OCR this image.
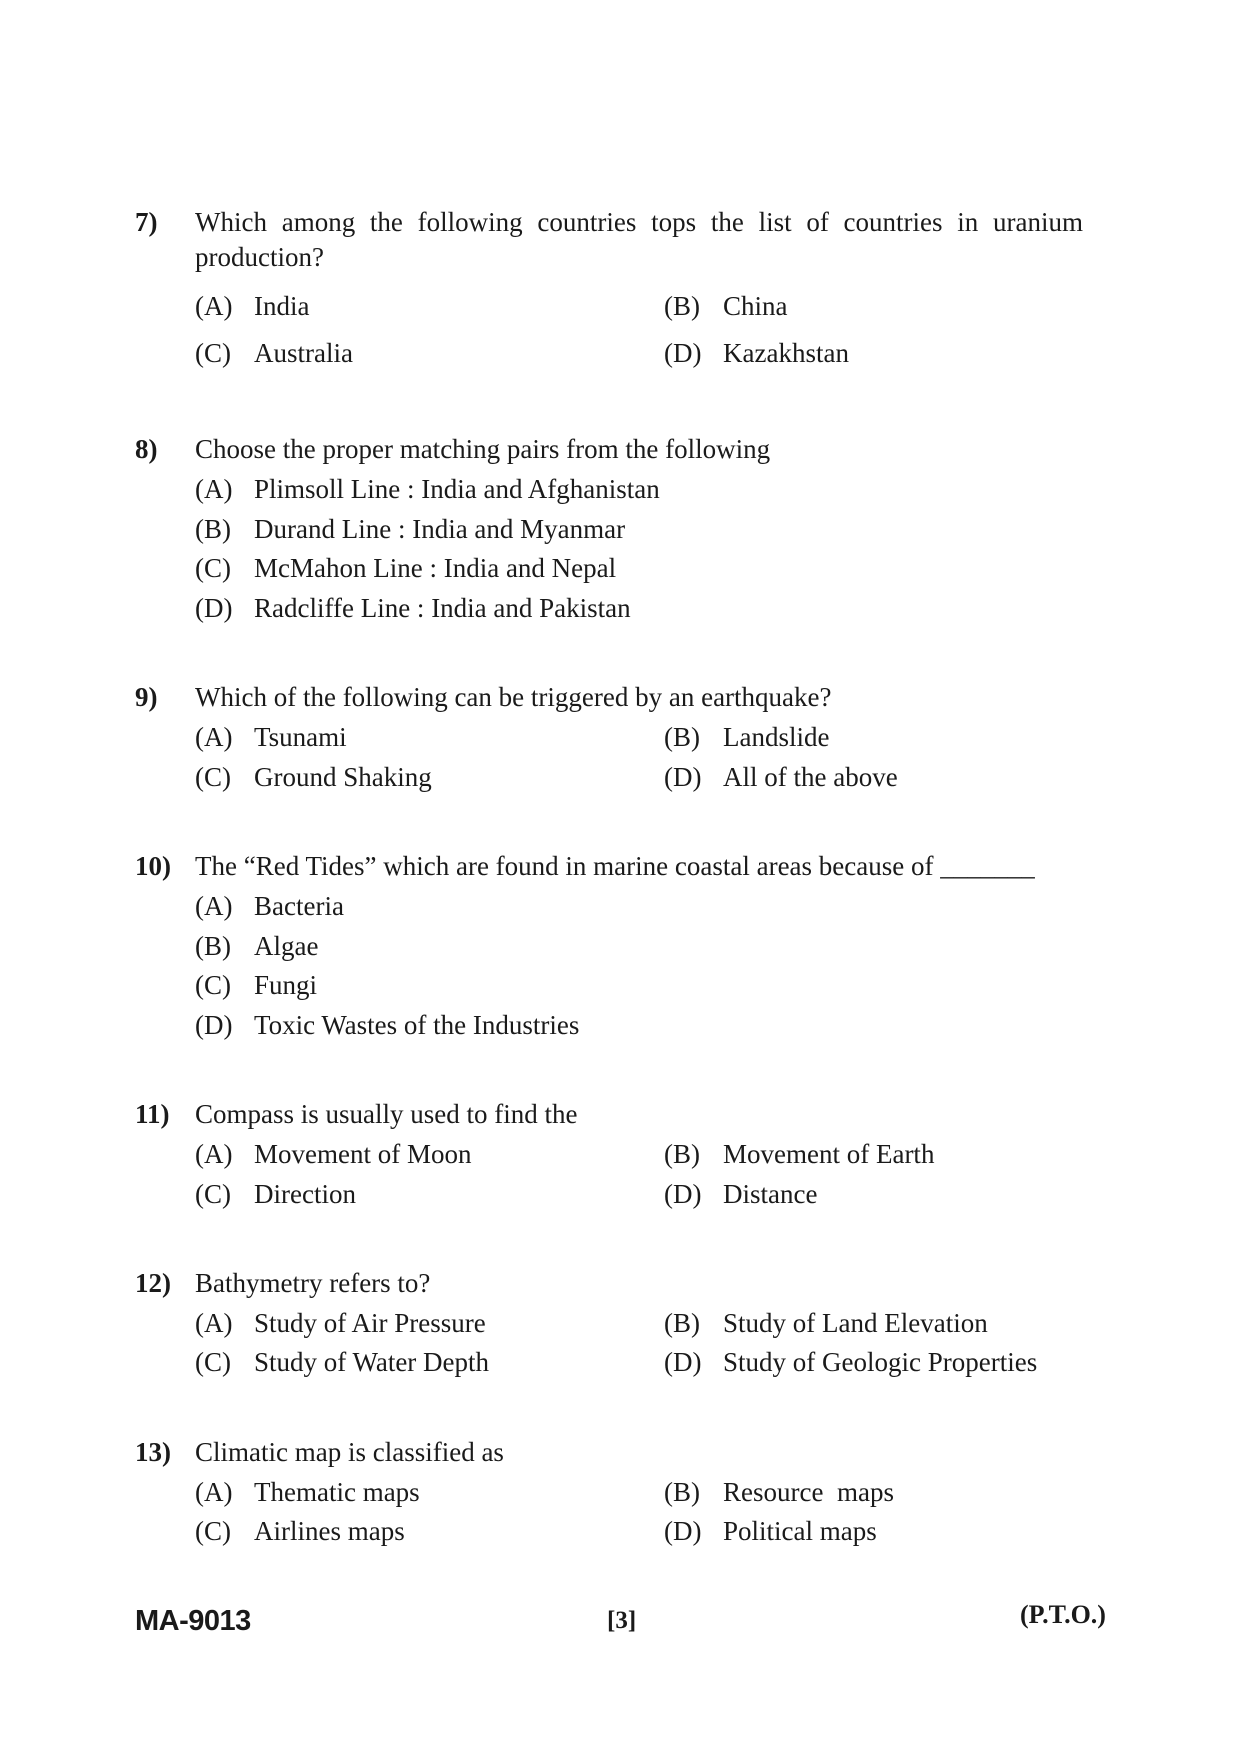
7) Which among the following countries tops the list of countries in uranium production?
(A) India	(B) China
(C) Australia	(D) Kazakhstan
8) Choose the proper matching pairs from the following
(A) Plimsoll Line : India and Afghanistan
(B) Durand Line : India and Myanmar
(C) McMahon Line : India and Nepal
(D) Radcliffe Line : India and Pakistan
9) Which of the following can be triggered by an earthquake?
(A) Tsunami	(B) Landslide
(C) Ground Shaking	(D) All of the above
10) The “Red Tides” which are found in marine coastal areas because of _______
(A) Bacteria
(B) Algae
(C) Fungi
(D) Toxic Wastes of the Industries
11) Compass is usually used to find the
(A) Movement of Moon	(B) Movement of Earth
(C) Direction	(D) Distance
12) Bathymetry refers to?
(A) Study of Air Pressure	(B) Study of Land Elevation
(C) Study of Water Depth	(D) Study of Geologic Properties
13) Climatic map is classified as
(A) Thematic maps	(B) Resource  maps
(C) Airlines maps	(D) Political maps
MA-9013	[3]	(P.T.O.)
